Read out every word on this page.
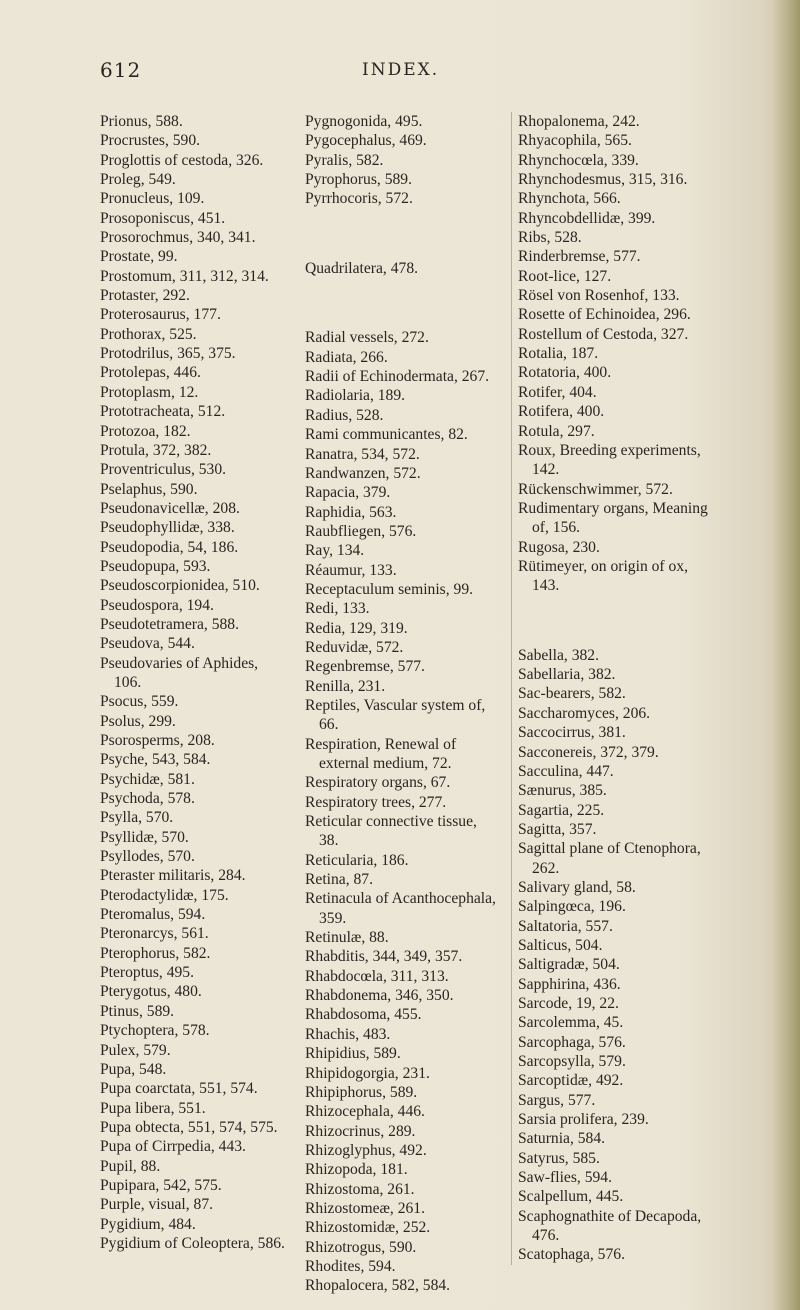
612	INDEX.

Prionus, 588.

Procrustes, 590.

Proglottis of cestoda, 326.

Proleg, 549.

Pronucleus, 109.

Prosoponiscus, 451.

Prosorochmus, 340, 341.

Prostate, 99.

Prostomum, 311, 312, 314.

Protaster, 292.

Proterosaurus, 177.

Prothorax, 525.

Protodrilus, 365, 375.

Protolepas, 446.

Protoplasm, 12.

Prototracheata, 512.

Protozoa, 182.

Protula, 372, 382.

Proventriculus, 530.

Pselaphus, 590.

Pseudonavicellæ, 208.

Pseudophyllidæ, 338.

Pseudopodia, 54, 186.

Pseudopupa, 593.

Pseudoscorpionidea, 510.

Pseudospora, 194.

Pseudotetramera, 588.

Pseudova, 544.

Pseudovaries of Aphides, 106.

Psocus, 559.

Psolus, 299.

Psorosperms, 208.

Psyche, 543, 584.

Psychidæ, 581.

Psychoda, 578.

Psylla, 570.

Psyllidæ, 570.

Psyllodes, 570.

Pteraster militaris, 284.

Pterodactylidæ, 175.

Pteromalus, 594.

Pteronarcys, 561.

Pterophorus, 582.

Pteroptus, 495.

Pterygotus, 480.

Ptinus, 589.

Ptychoptera, 578.

Pulex, 579.

Pupa, 548.

Pupa coarctata, 551, 574.

Pupa libera, 551.

Pupa obtecta, 551, 574, 575.

Pupa of Cirrpedia, 443.

Pupil, 88.

Pupipara, 542, 575.

Purple, visual, 87.

Pygidium, 484.

Pygidium of Coleoptera, 586.

Pygnogonida, 495.

Pygocephalus, 469.

Pyralis, 582.

Pyrophorus, 589.

Pyrrhocoris, 572.

Quadrilatera, 478.

Radial vessels, 272.

Radiata, 266.

Radii of Echinodermata, 267.

Radiolaria, 189.

Radius, 528.

Rami communicantes, 82.

Ranatra, 534, 572.

Randwanzen, 572.

Rapacia, 379.

Raphidia, 563.

Raubfliegen, 576.

Ray, 134.

Réaumur, 133.

Receptaculum seminis, 99.

Redi, 133.

Redia, 129, 319.

Reduvidæ, 572.

Regenbremse, 577.

Renilla, 231.

Reptiles, Vascular system of, 66.

Respiration, Renewal of external medium, 72.

Respiratory organs, 67.

Respiratory trees, 277.

Reticular connective tissue, 38.

Reticularia, 186.

Retina, 87.

Retinacula of Acanthocephala, 359.

Retinulæ, 88.

Rhabditis, 344, 349, 357.

Rhabdocœla, 311, 313.

Rhabdonema, 346, 350.

Rhabdosoma, 455.

Rhachis, 483.

Rhipidius, 589.

Rhipidogorgia, 231.

Rhipiphorus, 589.

Rhizocephala, 446.

Rhizocrinus, 289.

Rhizoglyphus, 492.

Rhizopoda, 181.

Rhizostoma, 261.

Rhizostomeæ, 261.

Rhizostomidæ, 252.

Rhizotrogus, 590.

Rhodites, 594.

Rhopalocera, 582, 584.

Rhopalonema, 242.

Rhyacophila, 565.

Rhynchocœla, 339.

Rhynchodesmus, 315, 316.

Rhynchota, 566.

Rhyncobdellidæ, 399.

Ribs, 528.

Rinderbremse, 577.

Root-lice, 127.

Rösel von Rosenhof, 133.

Rosette of Echinoidea, 296.

Rostellum of Cestoda, 327.

Rotalia, 187.

Rotatoria, 400.

Rotifer, 404.

Rotifera, 400.

Rotula, 297.

Roux, Breeding experiments, 142.

Rückenschwimmer, 572.

Rudimentary organs, Meaning of, 156.

Rugosa, 230.

Rütimeyer, on origin of ox, 143.

Sabella, 382.

Sabellaria, 382.

Sac-bearers, 582.

Saccharomyces, 206.

Saccocirrus, 381.

Sacconereis, 372, 379.

Sacculina, 447.

Sænurus, 385.

Sagartia, 225.

Sagitta, 357.

Sagittal plane of Ctenophora, 262.

Salivary gland, 58.

Salpingœca, 196.

Saltatoria, 557.

Salticus, 504.

Saltigradæ, 504.

Sapphirina, 436.

Sarcode, 19, 22.

Sarcolemma, 45.

Sarcophaga, 576.

Sarcopsylla, 579.

Sarcoptidæ, 492.

Sargus, 577.

Sarsia prolifera, 239.

Saturnia, 584.

Satyrus, 585.

Saw-flies, 594.

Scalpellum, 445.

Scaphognathite of Decapoda, 476.

Scatophaga, 576.
